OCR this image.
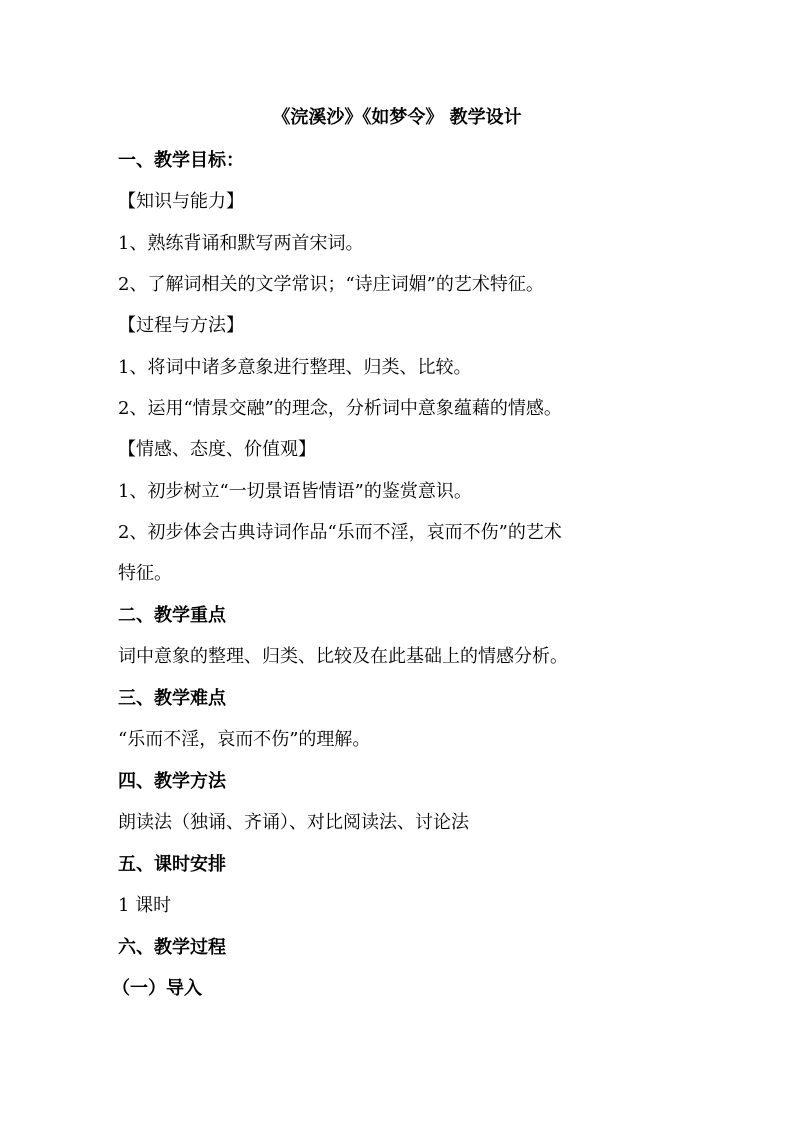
《浣溪沙》《如梦令》 教学设计
一、教学目标：
【知识与能力】
1、熟练背诵和默写两首宋词。
2、了解词相关的文学常识；“诗庄词媚”的艺术特征。
【过程与方法】
1、将词中诸多意象进行整理、归类、比较。
2、运用“情景交融”的理念，分析词中意象蕴藉的情感。
【情感、态度、价值观】
1、初步树立“一切景语皆情语”的鉴赏意识。
2、初步体会古典诗词作品“乐而不淫，哀而不伤”的艺术
特征。
二、教学重点
词中意象的整理、归类、比较及在此基础上的情感分析。
三、教学难点
“乐而不淫，哀而不伤”的理解。
四、教学方法
朗读法（独诵、齐诵）、对比阅读法、讨论法
五、课时安排
1 课时
六、教学过程
（一）导入
